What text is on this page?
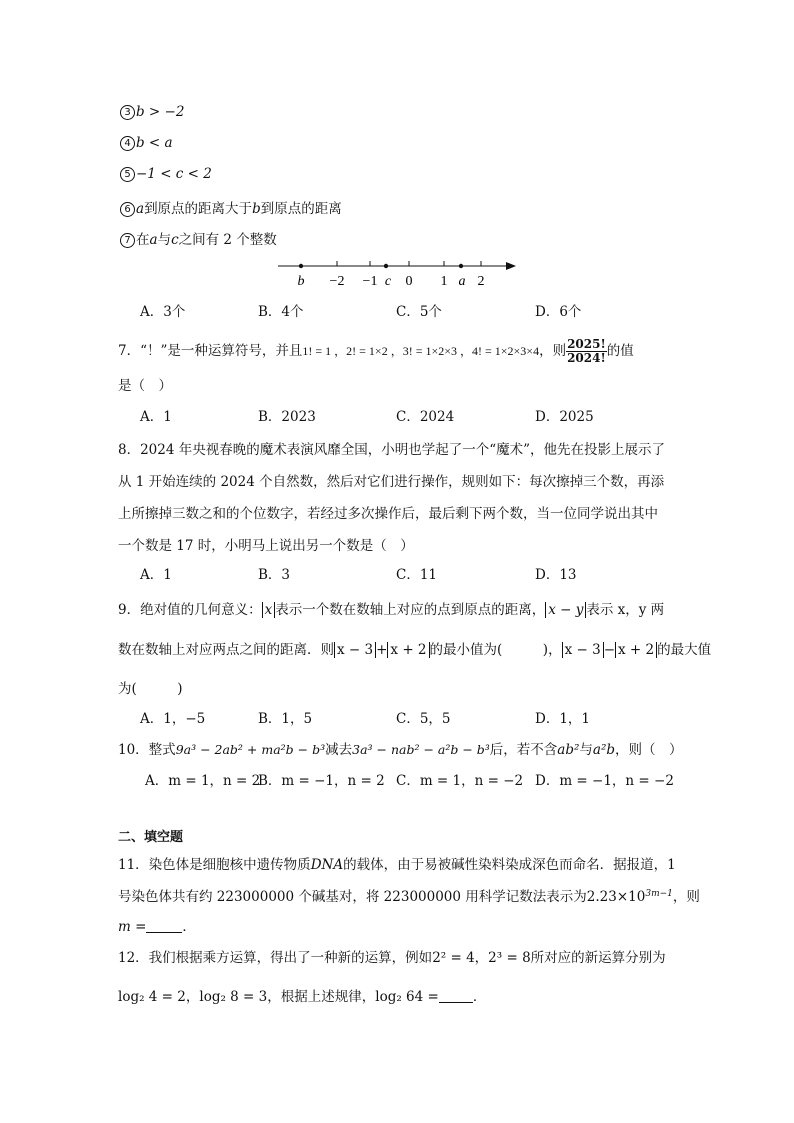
3 b > −2
4 b < a
5 −1 < c < 2
6 a到原点的距离大于b到原点的距离
7 在a与c之间有 2 个整数
b −2 −1 c 0 1 a 2
A．3个	B．4个	C．5个	D．6个
7．“！”是一种运算符号，并且1! = 1 ，2! = 1×2 ，3! = 1×2×3 ，4! = 1×2×3×4，则 $\frac{2025!}{2024!}$ 的值
是（　）
A．1	B．2023	C．2024	D．2025
8．2024 年央视春晚的魔术表演风靡全国，小明也学起了一个“魔术”，他先在投影上展示了
从 1 开始连续的 2024 个自然数，然后对它们进行操作，规则如下：每次擦掉三个数，再添
上所擦掉三数之和的个位数字，若经过多次操作后，最后剩下两个数，当一位同学说出其中
一个数是 17 时，小明马上说出另一个数是（　）
A．1	B．3	C．11	D．13
9．绝对值的几何意义： x 表示一个数在数轴上对应的点到原点的距离， x − y 表示 x，y 两
数在数轴上对应两点之间的距离．则 x − 3 + x + 2 的最小值为(　　　)， x − 3 − x + 2 的最大值
为(　　　)
A．1，−5	B．1，5	C．5，5	D．1，1
10．整式9a³ − 2ab² + ma²b − b³减去3a³ − nab² − a²b − b³后，若不含ab²与a²b，则（　）
A．m = 1，n = 2
B．m = −1，n = 2 C．m = 1，n = −2 D．m = −1，n = −2
二、填空题
11．染色体是细胞核中遗传物质DNA的载体，由于易被碱性染料染成深色而命名．据报道，1
号染色体共有约 223000000 个碱基对，将 223000000 用科学记数法表示为$2.23\times 10^{3m-1}$，则
m =	．
12．我们根据乘方运算，得出了一种新的运算，例如2² = 4，2³ = 8所对应的新运算分别为
log₂ 4 = 2，log₂ 8 = 3，根据上述规律，log₂ 64 =	．
